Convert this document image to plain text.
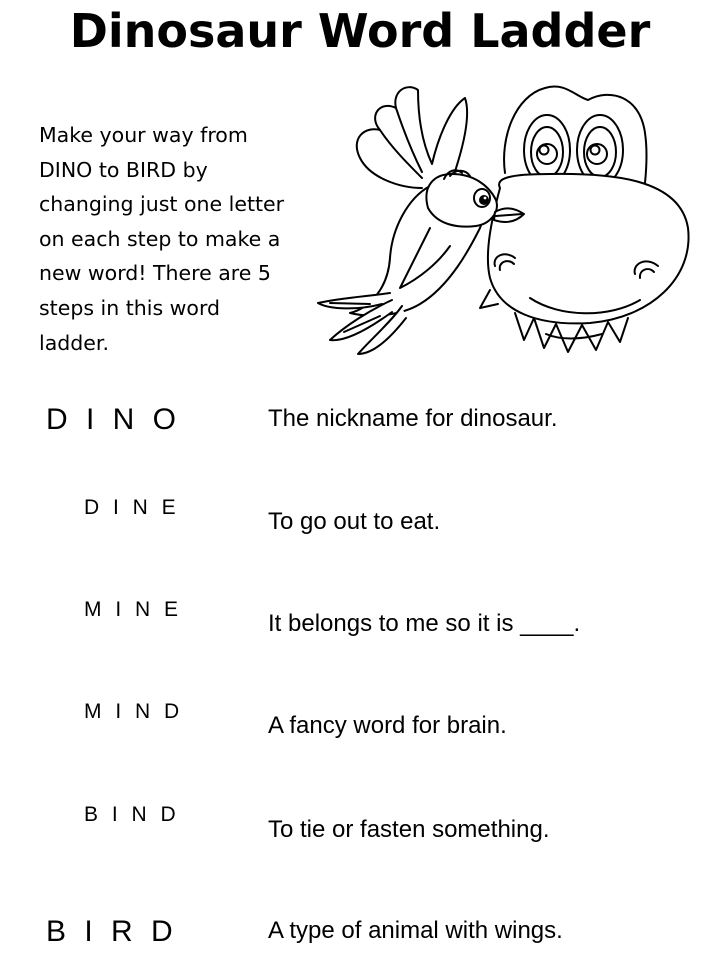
Dinosaur Word Ladder
Make your way from
DINO to BIRD by
changing just one letter
on each step to make a
new word! There are 5
steps in this word
ladder.
D I N O	The nickname for dinosaur.
D I N E
To go out to eat.
M I N E
It belongs to me so it is ____.
M I N D
A fancy word for brain.
B I N D
To tie or fasten something.
B I R D	A type of animal with wings.
